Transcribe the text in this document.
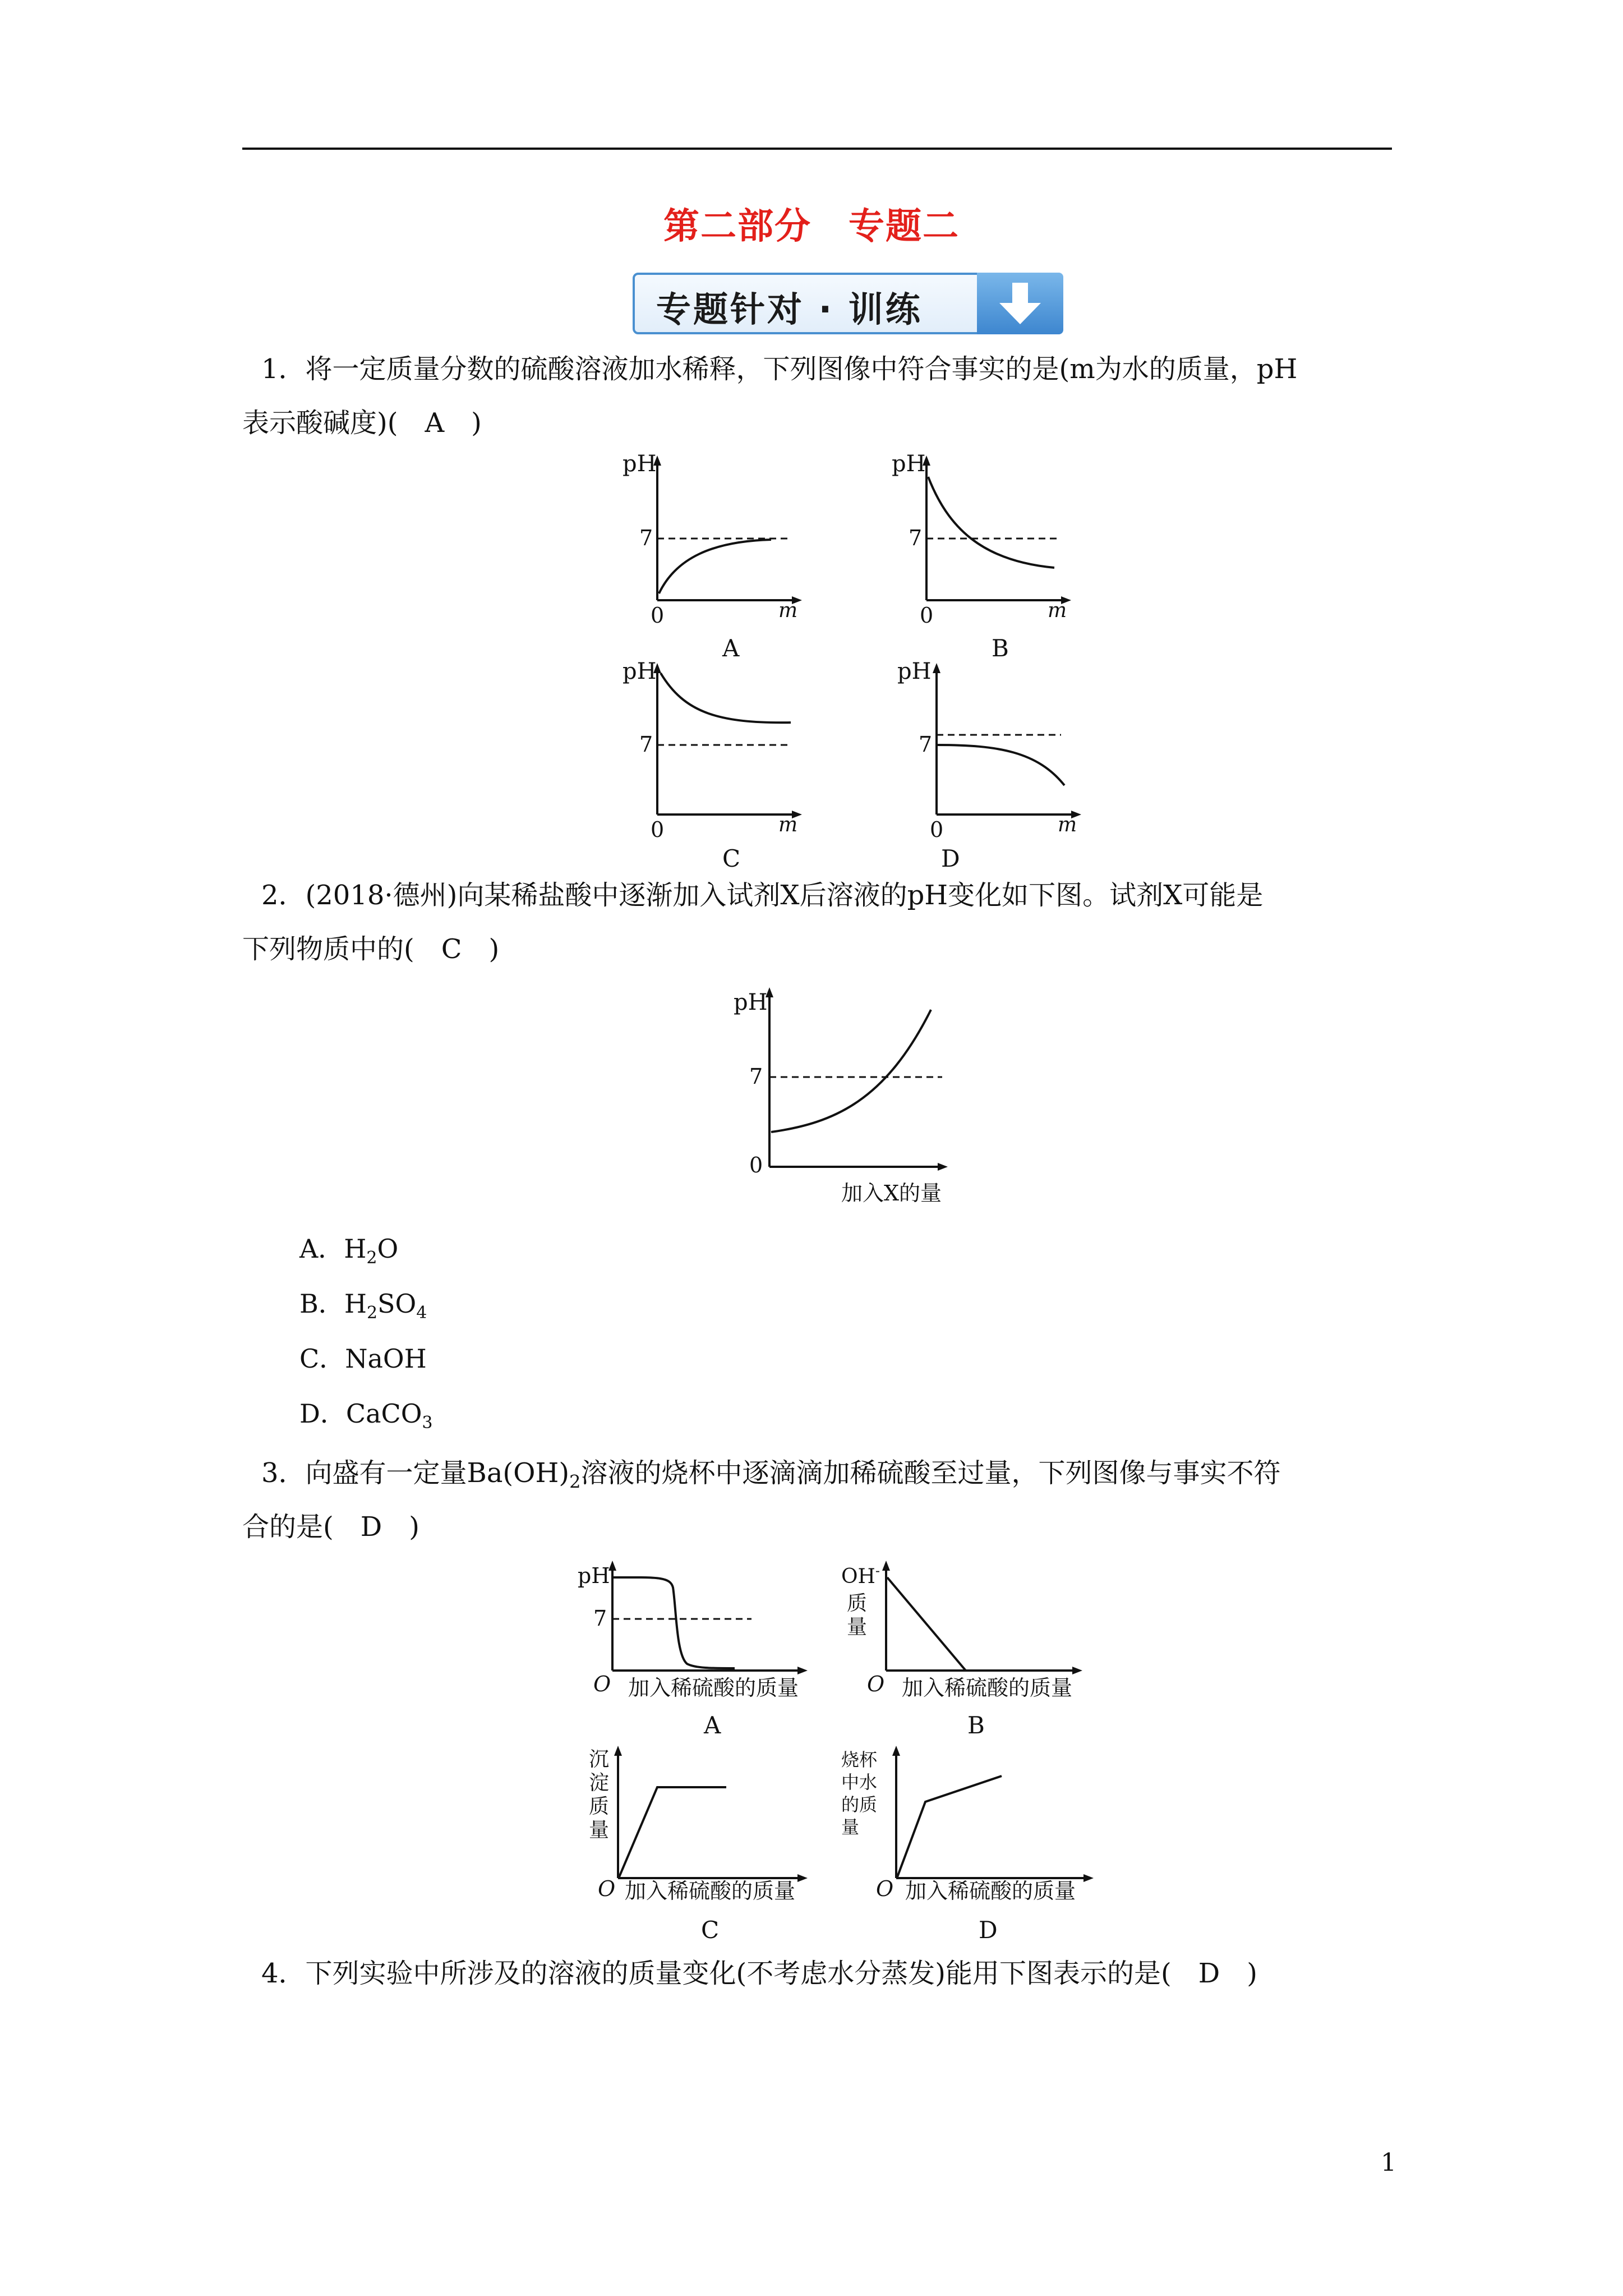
第二部分　专题二
专题针对 · 训练
1．将一定质量分数的硫酸溶液加水稀释，下列图像中符合事实的是(m为水的质量，pH
表示酸碱度)(　A　)
pH
7
0	m
A
pH
7
0	m
B
pH
7
0	m
C
pH
7
0	m
D
2．(2018·德州)向某稀盐酸中逐渐加入试剂X后溶液的pH变化如下图。试剂X可能是
下列物质中的(　C　)
pH
7
0
加入X的量
A．$H_2O$
B．$H_2SO_4$
C．NaOH
D．CaCO$_3$
3．向盛有一定量$Ba(OH)_2$溶液的烧杯中逐滴滴加稀硫酸至过量，下列图像与事实不符
合的是(　D　)
pH
7
O 加入稀硫酸的质量
A
OH-
质
量
O 加入稀硫酸的质量
B
沉
淀
质
量
O 加入稀硫酸的质量
C
烧 杯
中 水
的 质
量
O 加入稀硫酸的质量
D
4．下列实验中所涉及的溶液的质量变化(不考虑水分蒸发)能用下图表示的是(　D　)
1
